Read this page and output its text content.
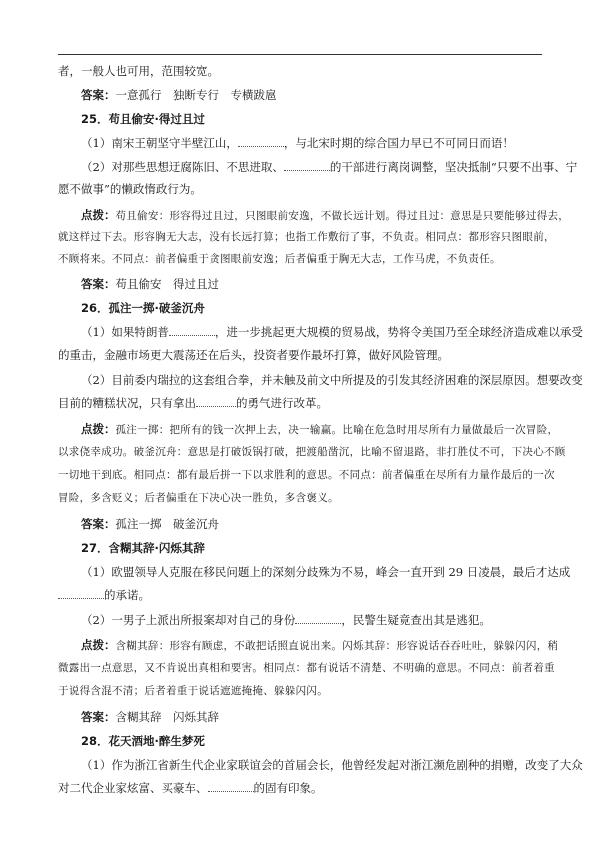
者，一般人也可用，范围较宽。
答案：一意孤行　独断专行　专横跋扈
25．苟且偷安·得过且过
（1）南宋王朝坚守半壁江山，	，与北宋时期的综合国力早已不可同日而语！
（2）对那些思想迂腐陈旧、不思进取、	的干部进行离岗调整，坚决抵制“只要不出事、宁
愿不做事”的懒政惰政行为。
点拨：苟且偷安：形容得过且过，只图眼前安逸，不做长远计划。得过且过：意思是只要能够过得去，
就这样过下去。形容胸无大志，没有长远打算；也指工作敷衍了事，不负责。相同点：都形容只图眼前，
不顾将来。不同点：前者偏重于贪图眼前安逸；后者偏重于胸无大志，工作马虎，不负责任。
答案：苟且偷安　得过且过
26．孤注一掷·破釜沉舟
（1）如果特朗普	，进一步挑起更大规模的贸易战，势将令美国乃至全球经济造成难以承受
的重击，金融市场更大震荡还在后头，投资者要作最坏打算，做好风险管理。
（2）目前委内瑞拉的这套组合拳，并未触及前文中所提及的引发其经济困难的深层原因。想要改变
目前的糟糕状况，只有拿出	的勇气进行改革。
点拨：孤注一掷：把所有的钱一次押上去，决一输赢。比喻在危急时用尽所有力量做最后一次冒险，
以求侥幸成功。破釜沉舟：意思是打破饭锅打破，把渡船凿沉，比喻不留退路，非打胜仗不可，下决心不顾
一切地干到底。相同点：都有最后拼一下以求胜利的意思。不同点：前者偏重在尽所有力量作最后的一次
冒险，多含贬义；后者偏重在下决心决一胜负，多含褒义。
答案：孤注一掷　破釜沉舟
27．含糊其辞·闪烁其辞
（1）欧盟领导人克服在移民问题上的深刻分歧殊为不易，峰会一直开到 29 日凌晨，最后才达成
的承诺。
（2）一男子上派出所报案却对自己的身份	，民警生疑竟查出其是逃犯。
点拨：含糊其辞：形容有顾虑，不敢把话照直说出来。闪烁其辞：形容说话吞吞吐吐，躲躲闪闪，稍
微露出一点意思，又不肯说出真相和要害。相同点：都有说话不清楚、不明确的意思。不同点：前者着重
于说得含混不清；后者着重于说话遮遮掩掩、躲躲闪闪。
答案：含糊其辞　闪烁其辞
28．花天酒地·醉生梦死
（1）作为浙江省新生代企业家联谊会的首届会长，他曾经发起对浙江濒危剧种的捐赠，改变了大众
对二代企业家炫富、买豪车、	的固有印象。
